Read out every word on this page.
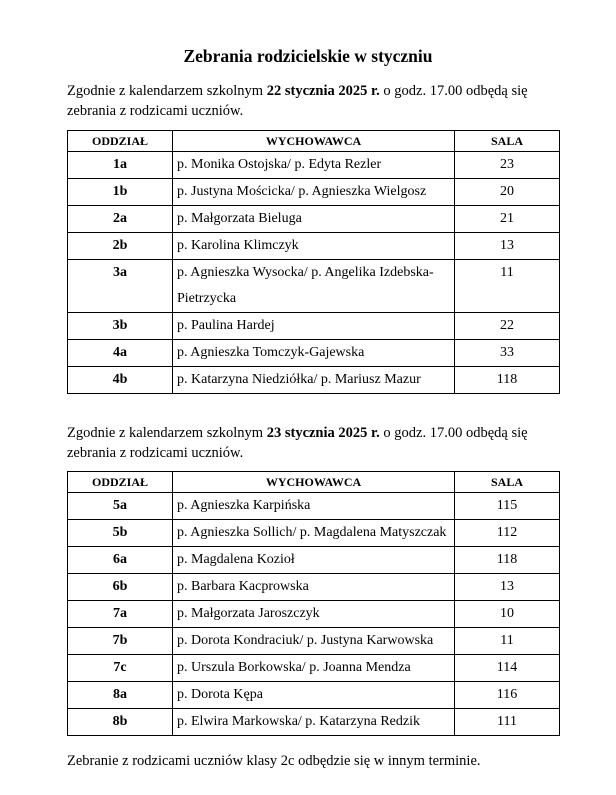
Zebrania rodzicielskie w styczniu

Zgodnie z kalendarzem szkolnym 22 stycznia 2025 r. o godz. 17.00 odbędą się zebrania z rodzicami uczniów.

ODDZIAŁ	WYCHOWAWCA	SALA
1a	p. Monika Ostojska/ p. Edyta Rezler	23
1b	p. Justyna Mościcka/ p. Agnieszka Wielgosz	20
2a	p. Małgorzata Bieluga	21
2b	p. Karolina Klimczyk	13
3a	p. Agnieszka Wysocka/ p. Angelika Izdebska-Pietrzycka	11
3b	p. Paulina Hardej	22
4a	p. Agnieszka Tomczyk-Gajewska	33
4b	p. Katarzyna Niedziółka/ p. Mariusz Mazur	118

Zgodnie z kalendarzem szkolnym 23 stycznia 2025 r. o godz. 17.00 odbędą się zebrania z rodzicami uczniów.

ODDZIAŁ	WYCHOWAWCA	SALA
5a	p. Agnieszka Karpińska	115
5b	p. Agnieszka Sollich/ p. Magdalena Matyszczak	112
6a	p. Magdalena Kozioł	118
6b	p. Barbara Kacprowska	13
7a	p. Małgorzata Jaroszczyk	10
7b	p. Dorota Kondraciuk/ p. Justyna Karwowska	11
7c	p. Urszula Borkowska/ p. Joanna Mendza	114
8a	p. Dorota Kępa	116
8b	p. Elwira Markowska/ p. Katarzyna Redzik	111

Zebranie z rodzicami uczniów klasy 2c odbędzie się w innym terminie.
